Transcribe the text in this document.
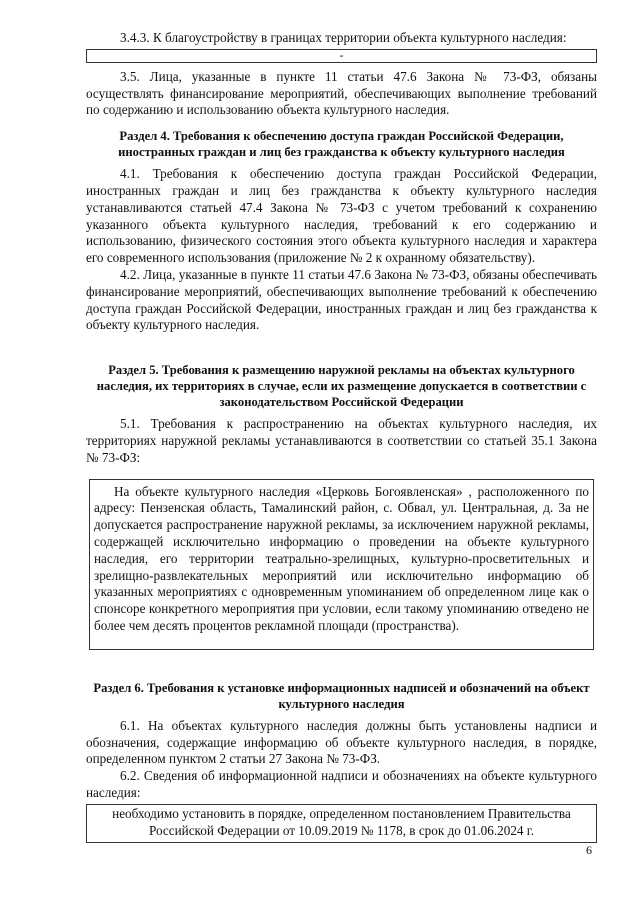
3.4.3. К благоустройству в границах территории объекта культурного наследия:

-

3.5. Лица, указанные в пункте 11 статьи 47.6 Закона № 73-ФЗ, обязаны осуществлять финансирование мероприятий, обеспечивающих выполнение требований по содержанию и использованию объекта культурного наследия.

Раздел 4. Требования к обеспечению доступа граждан Российской Федерации, иностранных граждан и лиц без гражданства к объекту культурного наследия

4.1. Требования к обеспечению доступа граждан Российской Федерации, иностранных граждан и лиц без гражданства к объекту культурного наследия устанавливаются статьей 47.4 Закона № 73-ФЗ с учетом требований к сохранению указанного объекта культурного наследия, требований к его содержанию и использованию, физического состояния этого объекта культурного наследия и характера его современного использования (приложение № 2 к охранному обязательству).

4.2. Лица, указанные в пункте 11 статьи 47.6 Закона № 73-ФЗ, обязаны обеспечивать финансирование мероприятий, обеспечивающих выполнение требований к обеспечению доступа граждан Российской Федерации, иностранных граждан и лиц без гражданства к объекту культурного наследия.

Раздел 5. Требования к размещению наружной рекламы на объектах культурного наследия, их территориях в случае, если их размещение допускается в соответствии с законодательством Российской Федерации

5.1. Требования к распространению на объектах культурного наследия, их территориях наружной рекламы устанавливаются в соответствии со статьей 35.1 Закона № 73-ФЗ:

На объекте культурного наследия «Церковь Богоявленская» , расположенного по адресу: Пензенская область, Тамалинский район, с. Обвал, ул. Центральная, д. 3а не допускается распространение наружной рекламы, за исключением наружной рекламы, содержащей исключительно информацию о проведении на объекте культурного наследия, его территории театрально-зрелищных, культурно-просветительных и зрелищно-развлекательных мероприятий или исключительно информацию об указанных мероприятиях с одновременным упоминанием об определенном лице как о спонсоре конкретного мероприятия при условии, если такому упоминанию отведено не более чем десять процентов рекламной площади (пространства).

Раздел 6. Требования к установке информационных надписей и обозначений на объект культурного наследия

6.1. На объектах культурного наследия должны быть установлены надписи и обозначения, содержащие информацию об объекте культурного наследия, в порядке, определенном пунктом 2 статьи 27 Закона № 73-ФЗ.

6.2. Сведения об информационной надписи и обозначениях на объекте культурного наследия:

необходимо установить в порядке, определенном постановлением Правительства Российской Федерации от 10.09.2019 № 1178, в срок до 01.06.2024 г.
6
